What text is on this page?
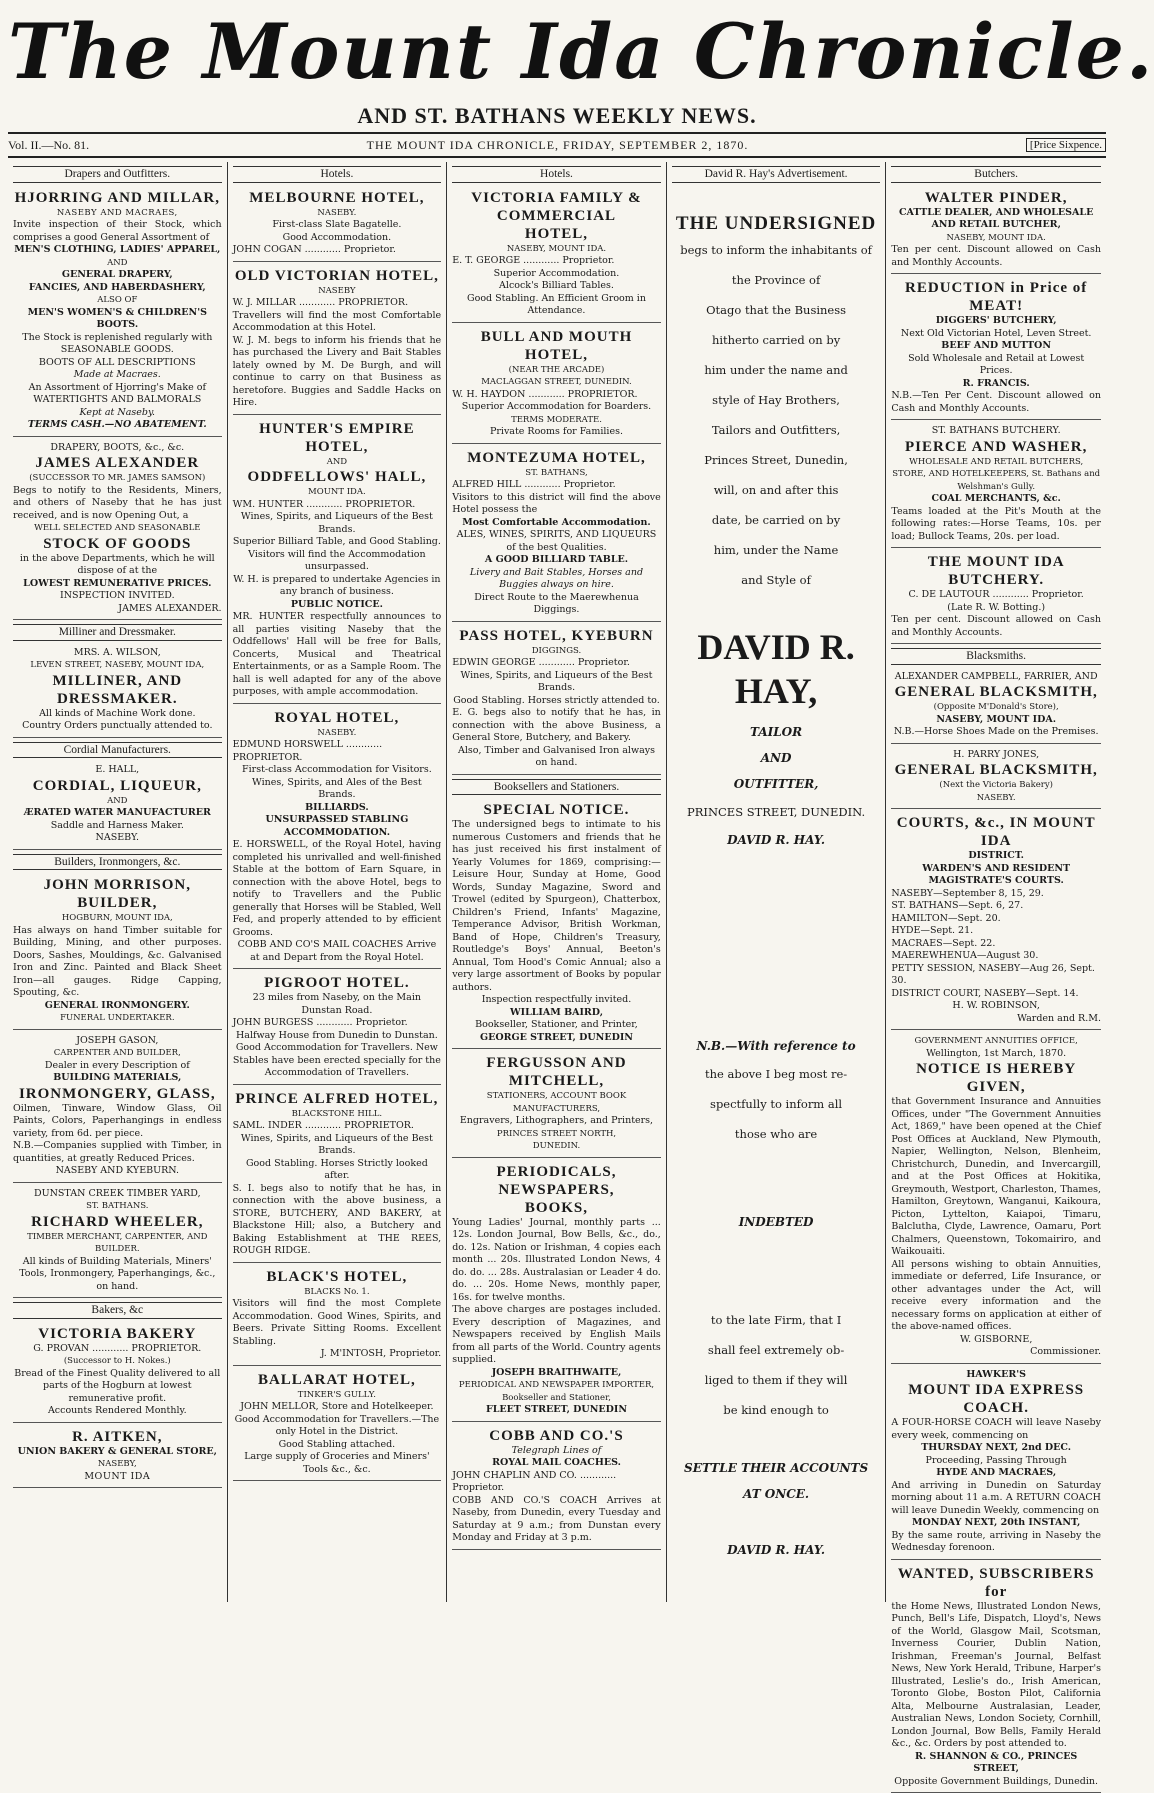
The Mount Ida Chronicle.
AND ST. BATHANS WEEKLY NEWS.
Vol. II.—No. 81.	THE MOUNT IDA CHRONICLE, FRIDAY, SEPTEMBER 2, 1870.	[Price Sixpence.
Drapers and Outfitters.
HJORRING AND MILLAR,
NASEBY AND MACRAES,
Invite inspection of their Stock, which comprises a good General Assortment of
MEN'S CLOTHING, LADIES' APPAREL,
AND
GENERAL DRAPERY,
FANCIES, AND HABERDASHERY,
ALSO OF
MEN'S WOMEN'S & CHILDREN'S BOOTS.
The Stock is replenished regularly with SEASONABLE GOODS.
BOOTS OF ALL DESCRIPTIONS
Made at Macraes.
An Assortment of Hjorring's Make of WATERTIGHTS AND BALMORALS
Kept at Naseby.
TERMS CASH.—NO ABATEMENT.
DRAPERY, BOOTS, &c., &c.
JAMES ALEXANDER
(SUCCESSOR TO MR. JAMES SAMSON)
Begs to notify to the Residents, Miners, and others of Naseby that he has just received, and is now Opening Out, a
WELL SELECTED AND SEASONABLE
STOCK OF GOODS
in the above Departments, which he will dispose of at the
LOWEST REMUNERATIVE PRICES.
INSPECTION INVITED.
JAMES ALEXANDER.
Milliner and Dressmaker.
MRS. A. WILSON,
LEVEN STREET, NASEBY, MOUNT IDA,
MILLINER, AND DRESSMAKER.
All kinds of Machine Work done.
Country Orders punctually attended to.
Cordial Manufacturers.
E. HALL,
CORDIAL, LIQUEUR,
AND
ÆRATED WATER MANUFACTURER
Saddle and Harness Maker.
NASEBY.
Builders, Ironmongers, &c.
JOHN MORRISON, BUILDER,
HOGBURN, MOUNT IDA,
Has always on hand Timber suitable for Building, Mining, and other purposes. Doors, Sashes, Mouldings, &c. Galvanised Iron and Zinc. Painted and Black Sheet Iron—all gauges. Ridge Capping, Spouting, &c.
GENERAL IRONMONGERY.
FUNERAL UNDERTAKER.
JOSEPH GASON,
CARPENTER AND BUILDER,
Dealer in every Description of
BUILDING MATERIALS,
IRONMONGERY, GLASS,
Oilmen, Tinware, Window Glass, Oil Paints, Colors, Paperhangings in endless variety, from 6d. per piece.
N.B.—Companies supplied with Timber, in quantities, at greatly Reduced Prices.
NASEBY AND KYEBURN.
DUNSTAN CREEK TIMBER YARD,
ST. BATHANS.
RICHARD WHEELER,
TIMBER MERCHANT, CARPENTER, AND BUILDER.
All kinds of Building Materials, Miners' Tools, Ironmongery, Paperhangings, &c., on hand.
Bakers, &c
VICTORIA BAKERY
G. PROVAN ............ PROPRIETOR.
(Successor to H. Nokes.)
Bread of the Finest Quality delivered to all parts of the Hogburn at lowest remunerative profit.
Accounts Rendered Monthly.
R. AITKEN,
UNION BAKERY & GENERAL STORE,
NASEBY,
MOUNT IDA
Hotels.
MELBOURNE HOTEL,
NASEBY.
First-class Slate Bagatelle.
Good Accommodation.
JOHN COGAN ............ Proprietor.
OLD VICTORIAN HOTEL,
NASEBY
W. J. MILLAR ............ PROPRIETOR.
Travellers will find the most Comfortable Accommodation at this Hotel.
W. J. M. begs to inform his friends that he has purchased the Livery and Bait Stables lately owned by M. De Burgh, and will continue to carry on that Business as heretofore. Buggies and Saddle Hacks on Hire.
HUNTER'S EMPIRE HOTEL,
AND
ODDFELLOWS' HALL,
MOUNT IDA.
WM. HUNTER ............ PROPRIETOR.
Wines, Spirits, and Liqueurs of the Best Brands.
Superior Billiard Table, and Good Stabling.
Visitors will find the Accommodation unsurpassed.
W. H. is prepared to undertake Agencies in any branch of business.
PUBLIC NOTICE.
MR. HUNTER respectfully announces to all parties visiting Naseby that the Oddfellows' Hall will be free for Balls, Concerts, Musical and Theatrical Entertainments, or as a Sample Room. The hall is well adapted for any of the above purposes, with ample accommodation.
ROYAL HOTEL,
NASEBY.
EDMUND HORSWELL ............ PROPRIETOR.
First-class Accommodation for Visitors. Wines, Spirits, and Ales of the Best Brands.
BILLIARDS.
UNSURPASSED STABLING ACCOMMODATION.
E. HORSWELL, of the Royal Hotel, having completed his unrivalled and well-finished Stable at the bottom of Earn Square, in connection with the above Hotel, begs to notify to Travellers and the Public generally that Horses will be Stabled, Well Fed, and properly attended to by efficient Grooms.
COBB AND CO'S MAIL COACHES Arrive at and Depart from the Royal Hotel.
PIGROOT HOTEL.
23 miles from Naseby, on the Main Dunstan Road.
JOHN BURGESS ............ Proprietor.
Halfway House from Dunedin to Dunstan.
Good Accommodation for Travellers. New Stables have been erected specially for the Accommodation of Travellers.
PRINCE ALFRED HOTEL,
BLACKSTONE HILL.
SAML. INDER ............ PROPRIETOR.
Wines, Spirits, and Liqueurs of the Best Brands.
Good Stabling. Horses Strictly looked after.
S. I. begs also to notify that he has, in connection with the above business, a STORE, BUTCHERY, AND BAKERY, at Blackstone Hill; also, a Butchery and Baking Establishment at THE REES, ROUGH RIDGE.
BLACK'S HOTEL,
BLACKS No. 1.
Visitors will find the most Complete Accommodation. Good Wines, Spirits, and Beers. Private Sitting Rooms. Excellent Stabling.
J. M'INTOSH, Proprietor.
BALLARAT HOTEL,
TINKER'S GULLY.
JOHN MELLOR, Store and Hotelkeeper.
Good Accommodation for Travellers.—The only Hotel in the District.
Good Stabling attached.
Large supply of Groceries and Miners' Tools &c., &c.
Hotels.
VICTORIA FAMILY & COMMERCIAL
HOTEL,
NASEBY, MOUNT IDA.
E. T. GEORGE ............ Proprietor.
Superior Accommodation.
Alcock's Billiard Tables.
Good Stabling. An Efficient Groom in Attendance.
BULL AND MOUTH HOTEL,
(NEAR THE ARCADE)
MACLAGGAN STREET, DUNEDIN.
W. H. HAYDON ............ PROPRIETOR.
Superior Accommodation for Boarders.
TERMS MODERATE.
Private Rooms for Families.
MONTEZUMA HOTEL,
ST. BATHANS,
ALFRED HILL ............ Proprietor.
Visitors to this district will find the above Hotel possess the
Most Comfortable Accommodation.
ALES, WINES, SPIRITS, AND LIQUEURS of the best Qualities.
A GOOD BILLIARD TABLE.
Livery and Bait Stables, Horses and Buggies always on hire.
Direct Route to the Maerewhenua Diggings.
PASS HOTEL, KYEBURN
DIGGINGS.
EDWIN GEORGE ............ Proprietor.
Wines, Spirits, and Liqueurs of the Best Brands.
Good Stabling. Horses strictly attended to.
E. G. begs also to notify that he has, in connection with the above Business, a General Store, Butchery, and Bakery.
Also, Timber and Galvanised Iron always on hand.
Booksellers and Stationers.
SPECIAL NOTICE.
The undersigned begs to intimate to his numerous Customers and friends that he has just received his first instalment of Yearly Volumes for 1869, comprising:—Leisure Hour, Sunday at Home, Good Words, Sunday Magazine, Sword and Trowel (edited by Spurgeon), Chatterbox, Children's Friend, Infants' Magazine, Temperance Advisor, British Workman, Band of Hope, Children's Treasury, Routledge's Boys' Annual, Beeton's Annual, Tom Hood's Comic Annual; also a very large assortment of Books by popular authors.
Inspection respectfully invited.
WILLIAM BAIRD,
Bookseller, Stationer, and Printer,
GEORGE STREET, DUNEDIN
FERGUSSON AND MITCHELL,
STATIONERS, ACCOUNT BOOK MANUFACTURERS,
Engravers, Lithographers, and Printers,
PRINCES STREET NORTH,
DUNEDIN.
PERIODICALS, NEWSPAPERS,
BOOKS,
Young Ladies' Journal, monthly parts ... 12s. London Journal, Bow Bells, &c., do., do. 12s. Nation or Irishman, 4 copies each month ... 20s. Illustrated London News, 4 do. do. ... 28s. Australasian or Leader 4 do. do. ... 20s. Home News, monthly paper, 16s. for twelve months.
The above charges are postages included. Every description of Magazines, and Newspapers received by English Mails from all parts of the World. Country agents supplied.
JOSEPH BRAITHWAITE,
PERIODICAL AND NEWSPAPER IMPORTER, Bookseller and Stationer,
FLEET STREET, DUNEDIN
COBB AND CO.'S
Telegraph Lines of
ROYAL MAIL COACHES.
JOHN CHAPLIN AND CO. ............ Proprietor.
COBB AND CO.'S COACH Arrives at Naseby, from Dunedin, every Tuesday and Saturday at 9 a.m.; from Dunstan every Monday and Friday at 3 p.m.
David R. Hay's Advertisement.
THE UNDERSIGNED
begs to inform the inhabitants of the Province of
Otago that the Business
hitherto carried on by
him under the name and
style of Hay Brothers,
Tailors and Outfitters,
Princes Street, Dunedin,
will, on and after this
date, be carried on by
him, under the Name
and Style of
DAVID R. HAY,
TAILOR
AND
OUTFITTER,
PRINCES STREET, DUNEDIN.
DAVID R. HAY.
N.B.—With reference to
the above I beg most re-
spectfully to inform all
those who are
INDEBTED
to the late Firm, that I
shall feel extremely ob-
liged to them if they will
be kind enough to
SETTLE THEIR ACCOUNTS
AT ONCE.
DAVID R. HAY.
Butchers.
WALTER PINDER,
CATTLE DEALER, AND WHOLESALE AND RETAIL BUTCHER,
NASEBY, MOUNT IDA.
Ten per cent. Discount allowed on Cash and Monthly Accounts.
REDUCTION in Price of MEAT!
DIGGERS' BUTCHERY,
Next Old Victorian Hotel, Leven Street.
BEEF AND MUTTON
Sold Wholesale and Retail at Lowest Prices.
R. FRANCIS.
N.B.—Ten Per Cent. Discount allowed on Cash and Monthly Accounts.
ST. BATHANS BUTCHERY.
PIERCE AND WASHER,
WHOLESALE AND RETAIL BUTCHERS, STORE, AND HOTELKEEPERS, St. Bathans and Welshman's Gully.
COAL MERCHANTS, &c.
Teams loaded at the Pit's Mouth at the following rates:—Horse Teams, 10s. per load; Bullock Teams, 20s. per load.
THE MOUNT IDA BUTCHERY.
C. DE LAUTOUR ............ Proprietor.
(Late R. W. Botting.)
Ten per cent. Discount allowed on Cash and Monthly Accounts.
Blacksmiths.
ALEXANDER CAMPBELL, FARRIER, AND
GENERAL BLACKSMITH,
(Opposite M'Donald's Store),
NASEBY, MOUNT IDA.
N.B.—Horse Shoes Made on the Premises.
H. PARRY JONES,
GENERAL BLACKSMITH,
(Next the Victoria Bakery)
NASEBY.
COURTS, &c., IN MOUNT IDA
DISTRICT.
WARDEN'S AND RESIDENT MAGISTRATE'S COURTS.
NASEBY—September 8, 15, 29.
ST. BATHANS—Sept. 6, 27.
HAMILTON—Sept. 20.
HYDE—Sept. 21.
MACRAES—Sept. 22.
MAEREWHENUA—August 30.
PETTY SESSION, NASEBY—Aug 26, Sept. 30.
DISTRICT COURT, NASEBY—Sept. 14.
H. W. ROBINSON,
Warden and R.M.
GOVERNMENT ANNUITIES OFFICE,
Wellington, 1st March, 1870.
NOTICE IS HEREBY GIVEN,
that Government Insurance and Annuities Offices, under "The Government Annuities Act, 1869," have been opened at the Chief Post Offices at Auckland, New Plymouth, Napier, Wellington, Nelson, Blenheim, Christchurch, Dunedin, and Invercargill, and at the Post Offices at Hokitika, Greymouth, Westport, Charleston, Thames, Hamilton, Greytown, Wanganui, Kaikoura, Picton, Lyttelton, Kaiapoi, Timaru, Balclutha, Clyde, Lawrence, Oamaru, Port Chalmers, Queenstown, Tokomairiro, and Waikouaiti.
All persons wishing to obtain Annuities, immediate or deferred, Life Insurance, or other advantages under the Act, will receive every information and the necessary forms on application at either of the above-named offices.
W. GISBORNE,
Commissioner.
HAWKER'S
MOUNT IDA EXPRESS COACH.
A FOUR-HORSE COACH will leave Naseby every week, commencing on
THURSDAY NEXT, 2nd DEC.
Proceeding, Passing Through
HYDE AND MACRAES,
And arriving in Dunedin on Saturday morning about 11 a.m. A RETURN COACH will leave Dunedin Weekly, commencing on
MONDAY NEXT, 20th INSTANT,
By the same route, arriving in Naseby the Wednesday forenoon.
WANTED, SUBSCRIBERS for
the Home News, Illustrated London News, Punch, Bell's Life, Dispatch, Lloyd's, News of the World, Glasgow Mail, Scotsman, Inverness Courier, Dublin Nation, Irishman, Freeman's Journal, Belfast News, New York Herald, Tribune, Harper's Illustrated, Leslie's do., Irish American, Toronto Globe, Boston Pilot, California Alta, Melbourne Australasian, Leader, Australian News, London Society, Cornhill, London Journal, Bow Bells, Family Herald &c., &c. Orders by post attended to.
R. SHANNON & CO., PRINCES STREET,
Opposite Government Buildings, Dunedin.
